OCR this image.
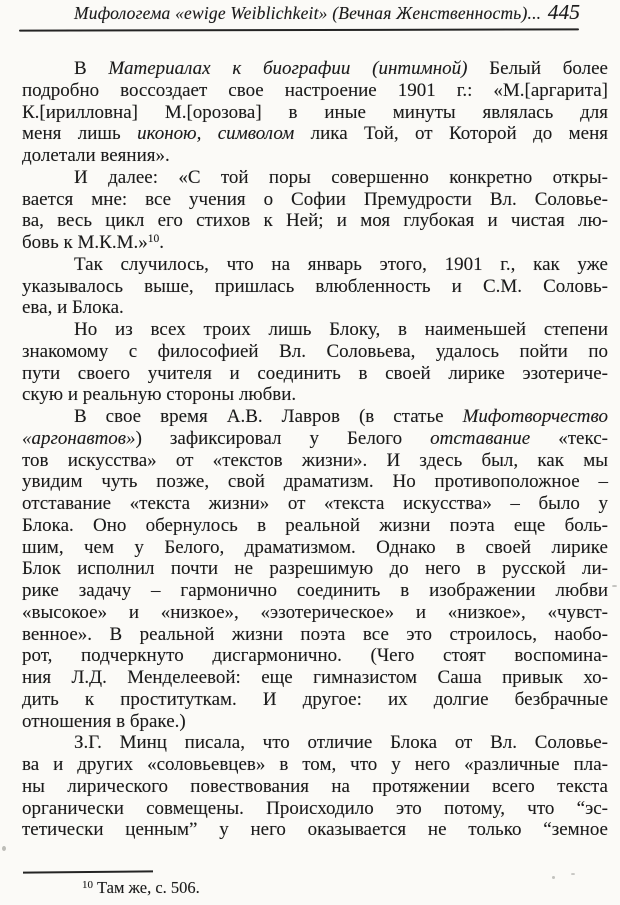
Мифологема «ewige Weiblichkeit» (Вечная Женственность)... 445
В Материалах к биографии (интимной) Белый более
подробно воссоздает свое настроение 1901 г.: «М.[аргарита]
К.[ирилловна] М.[орозова] в иные минуты являлась для
меня лишь иконою, символом лика Той, от Которой до меня
долетали веяния».
И далее: «С той поры совершенно конкретно откры-
вается мне: все учения о Софии Премудрости Вл. Соловье-
ва, весь цикл его стихов к Ней; и моя глубокая и чистая лю-
бовь к М.К.М.»$^{10}$.
Так случилось, что на январь этого, 1901 г., как уже
указывалось выше, пришлась влюбленность и С.М. Соловь-
ева, и Блока.
Но из всех троих лишь Блоку, в наименьшей степени
знакомому с философией Вл. Соловьева, удалось пойти по
пути своего учителя и соединить в своей лирике эзотериче-
скую и реальную стороны любви.
В свое время А.В. Лавров (в статье Мифотворчество
«аргонавтов») зафиксировал у Белого отставание «текс-
тов искусства» от «текстов жизни». И здесь был, как мы
увидим чуть позже, свой драматизм. Но противоположное –
отставание «текста жизни» от «текста искусства» – было у
Блока. Оно обернулось в реальной жизни поэта еще боль-
шим, чем у Белого, драматизмом. Однако в своей лирике
Блок исполнил почти не разрешимую до него в русской ли-
рике задачу – гармонично соединить в изображении любви
«высокое» и «низкое», «эзотерическое» и «низкое», «чувст-
венное». В реальной жизни поэта все это строилось, наобо-
рот, подчеркнуто дисгармонично. (Чего стоят воспомина-
ния Л.Д. Менделеевой: еще гимназистом Саша привык хо-
дить к проституткам. И другое: их долгие безбрачные
отношения в браке.)
З.Г. Минц писала, что отличие Блока от Вл. Соловье-
ва и других «соловьевцев» в том, что у него «различные пла-
ны лирического повествования на протяжении всего текста
органически совмещены. Происходило это потому, что “эс-
тетически ценным” у него оказывается не только “земное
$^{10}$ Там же, с. 506.
